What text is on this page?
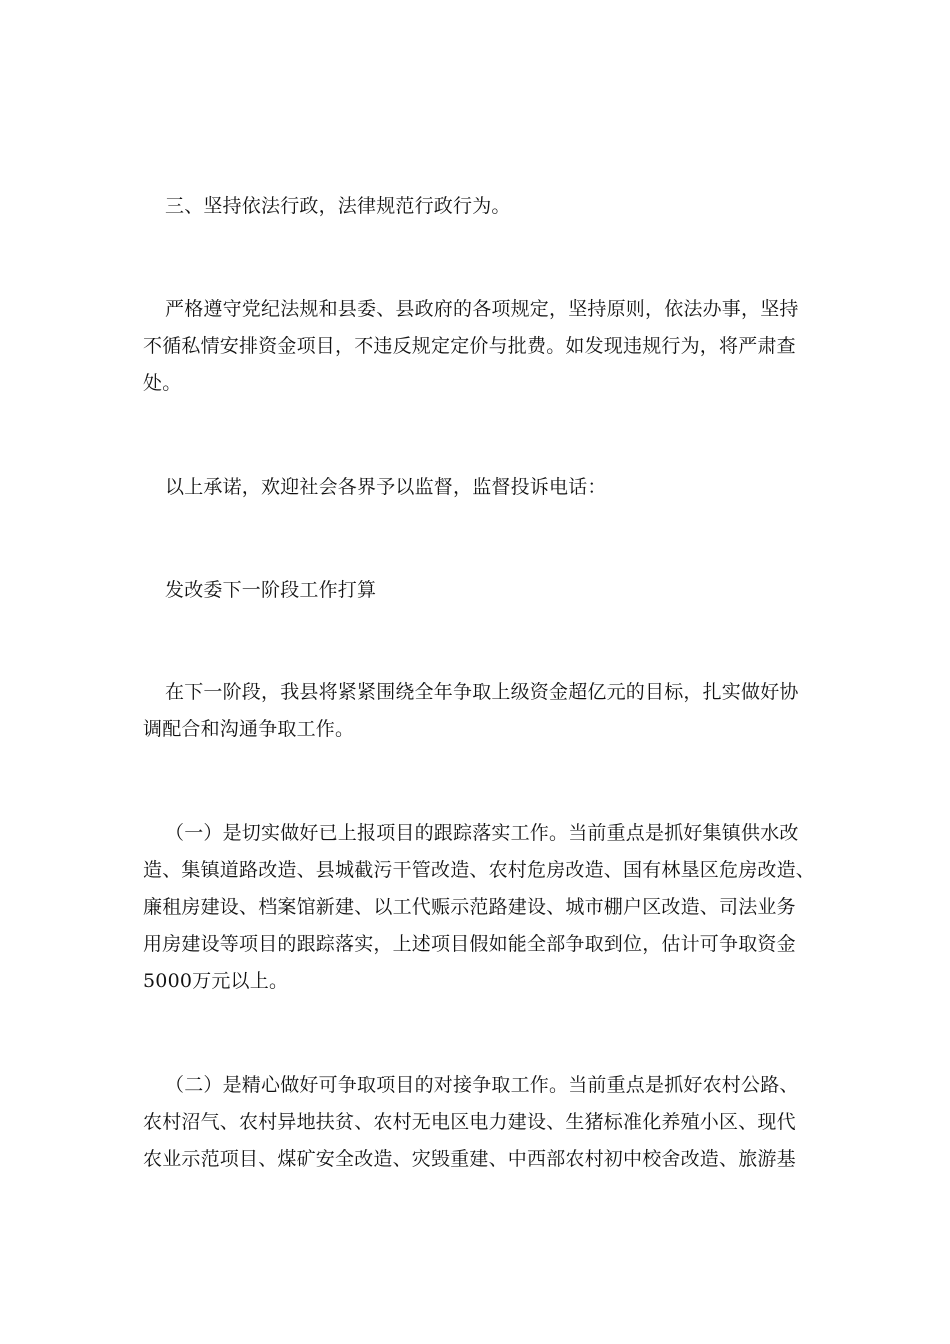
三、坚持依法行政，法律规范行政行为。

严格遵守党纪法规和县委、县政府的各项规定，坚持原则，依法办事，坚持
不循私情安排资金项目，不违反规定定价与批费。如发现违规行为，将严肃查
处。

以上承诺，欢迎社会各界予以监督，监督投诉电话：

发改委下一阶段工作打算

在下一阶段，我县将紧紧围绕全年争取上级资金超亿元的目标，扎实做好协
调配合和沟通争取工作。

（一）是切实做好已上报项目的跟踪落实工作。当前重点是抓好集镇供水改
造、集镇道路改造、县城截污干管改造、农村危房改造、国有林垦区危房改造、
廉租房建设、档案馆新建、以工代赈示范路建设、城市棚户区改造、司法业务
用房建设等项目的跟踪落实，上述项目假如能全部争取到位，估计可争取资金
5000万元以上。

（二）是精心做好可争取项目的对接争取工作。当前重点是抓好农村公路、
农村沼气、农村异地扶贫、农村无电区电力建设、生猪标准化养殖小区、现代
农业示范项目、煤矿安全改造、灾毁重建、中西部农村初中校舍改造、旅游基
